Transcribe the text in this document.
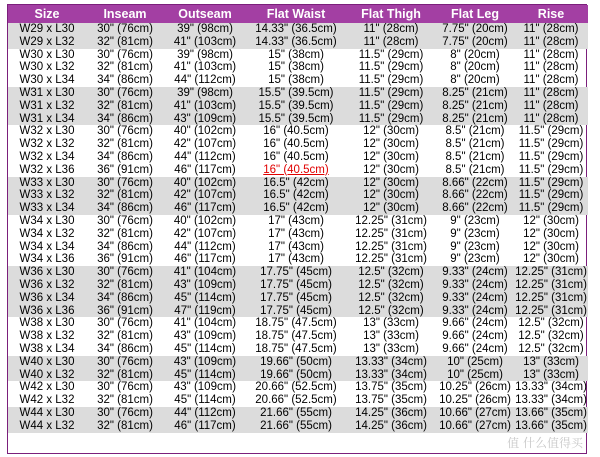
Size	Inseam	Outseam	Flat Waist	Flat Thigh	Flat Leg	Rise
W29 x L30	30" (76cm)	39" (98cm)	14.33" (36.5cm)	11" (28cm)	7.75" (20cm)	11" (28cm)
W29 x L32	32" (81cm)	41" (103cm)	14.33" (36.5cm)	11" (28cm)	7.75" (20cm)	11" (28cm)
W30 x L30	30" (76cm)	39" (98cm)	15" (38cm)	11.5" (29cm)	8" (20cm)	11" (28cm)
W30 x L32	32" (81cm)	41" (103cm)	15" (38cm)	11.5" (29cm)	8" (20cm)	11" (28cm)
W30 x L34	34" (86cm)	44" (112cm)	15" (38cm)	11.5" (29cm)	8" (20cm)	11" (28cm)
W31 x L30	30" (76cm)	39" (98cm)	15.5" (39.5cm)	11.5" (29cm)	8.25" (21cm)	11" (28cm)
W31 x L32	32" (81cm)	41" (103cm)	15.5" (39.5cm)	11.5" (29cm)	8.25" (21cm)	11" (28cm)
W31 x L34	34" (86cm)	43" (109cm)	15.5" (39.5cm)	11.5" (29cm)	8.25" (21cm)	11" (28cm)
W32 x L30	30" (76cm)	40" (102cm)	16" (40.5cm)	12" (30cm)	8.5" (21cm)	11.5" (29cm)
W32 x L32	32" (81cm)	42" (107cm)	16" (40.5cm)	12" (30cm)	8.5" (21cm)	11.5" (29cm)
W32 x L34	34" (86cm)	44" (112cm)	16" (40.5cm)	12" (30cm)	8.5" (21cm)	11.5" (29cm)
W32 x L36	36" (91cm)	46" (117cm)	16" (40.5cm)	12" (30cm)	8.5" (21cm)	11.5" (29cm)
W33 x L30	30" (76cm)	40" (102cm)	16.5" (42cm)	12" (30cm)	8.66" (22cm)	11.5" (29cm)
W33 x L32	32" (81cm)	42" (107cm)	16.5" (42cm)	12" (30cm)	8.66" (22cm)	11.5" (29cm)
W33 x L34	34" (86cm)	46" (117cm)	16.5" (42cm)	12" (30cm)	8.66" (22cm)	11.5" (29cm)
W34 x L30	30" (76cm)	40" (102cm)	17" (43cm)	12.25" (31cm)	9" (23cm)	12" (30cm)
W34 x L32	32" (81cm)	42" (107cm)	17" (43cm)	12.25" (31cm)	9" (23cm)	12" (30cm)
W34 x L34	34" (86cm)	44" (112cm)	17" (43cm)	12.25" (31cm)	9" (23cm)	12" (30cm)
W34 x L36	36" (91cm)	46" (117cm)	17" (43cm)	12.25" (31cm)	9" (23cm)	12" (30cm)
W36 x L30	30" (76cm)	41" (104cm)	17.75" (45cm)	12.5" (32cm)	9.33" (24cm)	12.25" (31cm)
W36 x L32	32" (81cm)	43" (109cm)	17.75" (45cm)	12.5" (32cm)	9.33" (24cm)	12.25" (31cm)
W36 x L34	34" (86cm)	45" (114cm)	17.75" (45cm)	12.5" (32cm)	9.33" (24cm)	12.25" (31cm)
W36 x L36	36" (91cm)	47" (119cm)	17.75" (45cm)	12.5" (32cm)	9.33" (24cm)	12.25" (31cm)
W38 x L30	30" (76cm)	41" (104cm)	18.75" (47.5cm)	13" (33cm)	9.66" (24cm)	12.5" (32cm)
W38 x L32	32" (81cm)	43" (109cm)	18.75" (47.5cm)	13" (33cm)	9.66" (24cm)	12.5" (32cm)
W38 x L34	34" (86cm)	45" (114cm)	18.75" (47.5cm)	13" (33cm)	9.66" (24cm)	12.5" (32cm)
W40 x L30	30" (76cm)	43" (109cm)	19.66" (50cm)	13.33" (34cm)	10" (25cm)	13" (33cm)
W40 x L32	32" (81cm)	45" (114cm)	19.66" (50cm)	13.33" (34cm)	10" (25cm)	13" (33cm)
W42 x L30	30" (76cm)	43" (109cm)	20.66" (52.5cm)	13.75" (35cm)	10.25" (26cm)	13.33" (34cm)
W42 x L32	32" (81cm)	45" (114cm)	20.66" (52.5cm)	13.75" (35cm)	10.25" (26cm)	13.33" (34cm)
W44 x L30	30" (76cm)	44" (112cm)	21.66" (55cm)	14.25" (36cm)	10.66" (27cm)	13.66" (35cm)
W44 x L32	32" (81cm)	46" (117cm)	21.66" (55cm)	14.25" (36cm)	10.66" (27cm)	13.66" (35cm)
值 什么值得买
